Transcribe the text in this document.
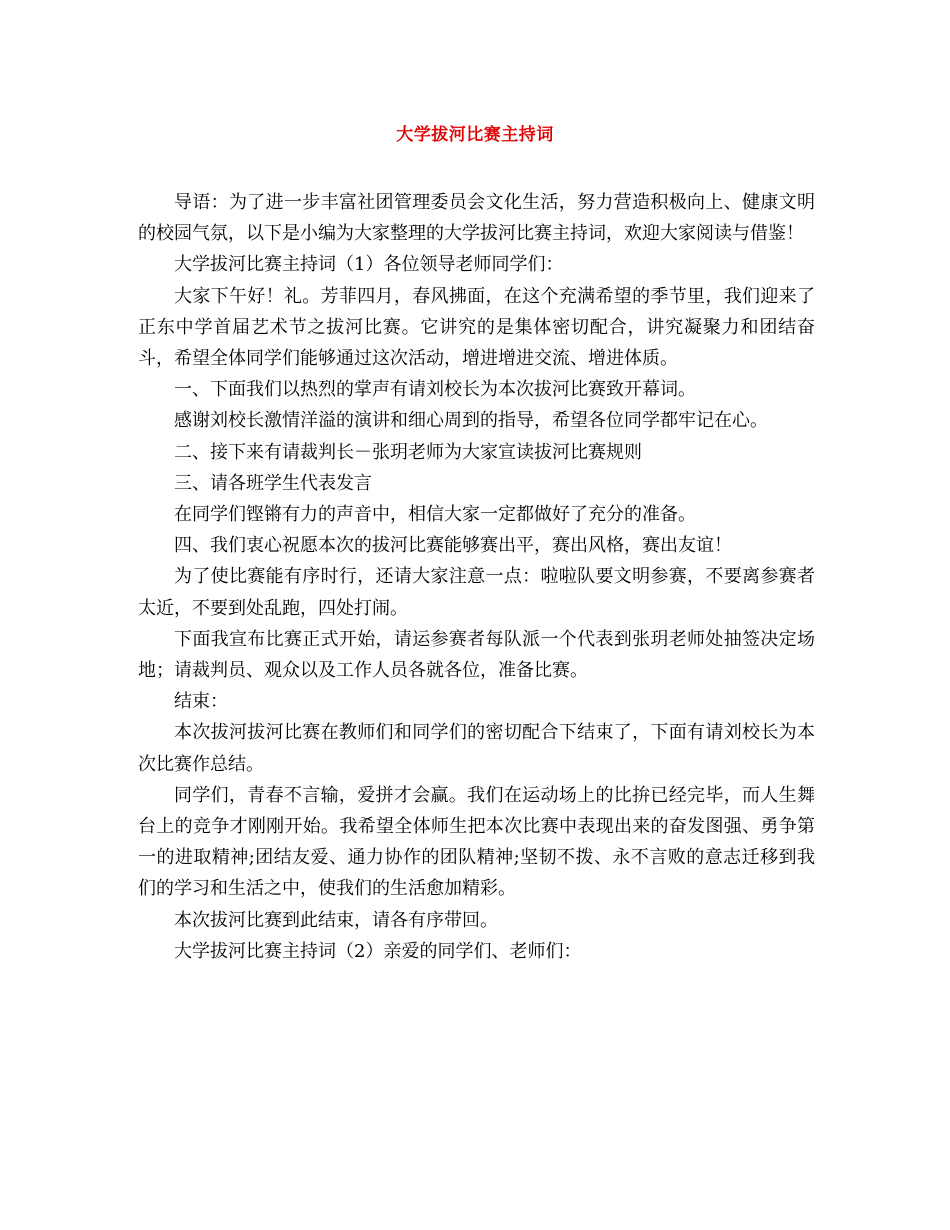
大学拔河比赛主持词

导语：为了进一步丰富社团管理委员会文化生活，努力营造积极向上、健康文明的校园气氛，以下是小编为大家整理的大学拔河比赛主持词，欢迎大家阅读与借鉴！

大学拔河比赛主持词（1）各位领导老师同学们：

大家下午好！礼。芳菲四月，春风拂面，在这个充满希望的季节里，我们迎来了正东中学首届艺术节之拔河比赛。它讲究的是集体密切配合，讲究凝聚力和团结奋斗，希望全体同学们能够通过这次活动，增进增进交流、增进体质。

一、下面我们以热烈的掌声有请刘校长为本次拔河比赛致开幕词。

感谢刘校长激情洋溢的演讲和细心周到的指导，希望各位同学都牢记在心。

二、接下来有请裁判长－张玥老师为大家宣读拔河比赛规则

三、请各班学生代表发言

在同学们铿锵有力的声音中，相信大家一定都做好了充分的准备。

四、我们衷心祝愿本次的拔河比赛能够赛出平，赛出风格，赛出友谊！

为了使比赛能有序时行，还请大家注意一点：啦啦队要文明参赛，不要离参赛者太近，不要到处乱跑，四处打闹。

下面我宣布比赛正式开始，请运参赛者每队派一个代表到张玥老师处抽签决定场地；请裁判员、观众以及工作人员各就各位，准备比赛。

结束：

本次拔河拔河比赛在教师们和同学们的密切配合下结束了，下面有请刘校长为本次比赛作总结。

同学们，青春不言输，爱拼才会赢。我们在运动场上的比拚已经完毕，而人生舞台上的竞争才刚刚开始。我希望全体师生把本次比赛中表现出来的奋发图强、勇争第一的进取精神;团结友爱、通力协作的团队精神;坚韧不拨、永不言败的意志迁移到我们的学习和生活之中，使我们的生活愈加精彩。

本次拔河比赛到此结束，请各有序带回。

大学拔河比赛主持词（2）亲爱的同学们、老师们：
